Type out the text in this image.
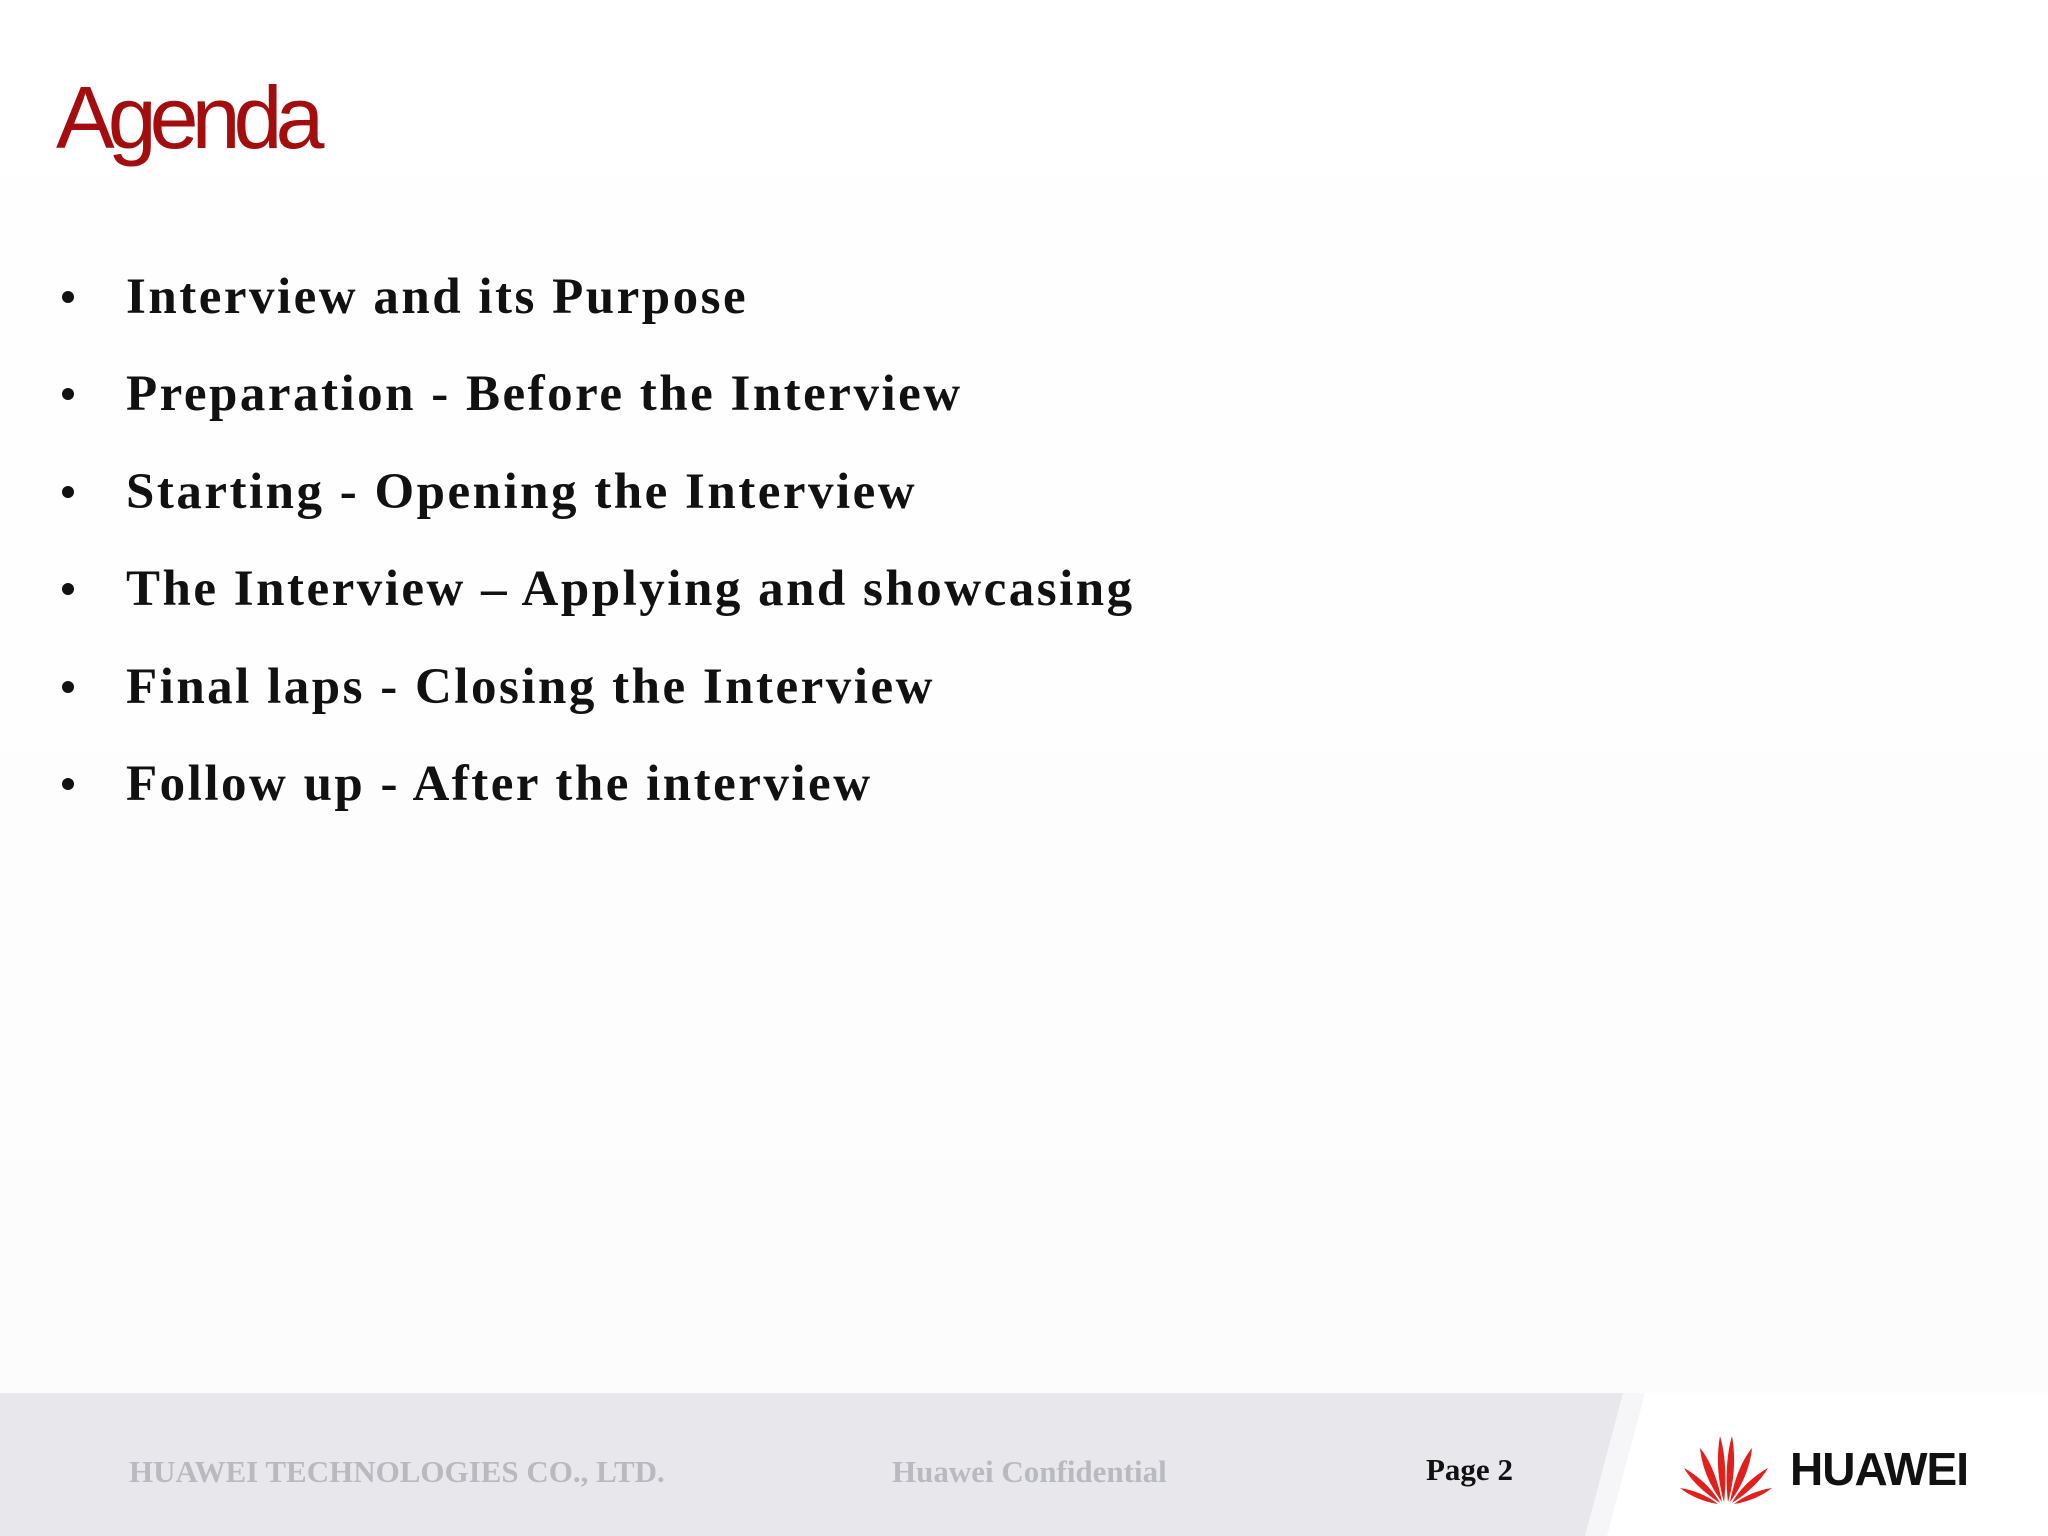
Agenda
Interview and its Purpose
Preparation - Before the Interview
Starting - Opening the Interview
The Interview – Applying and showcasing
Final laps - Closing the Interview
Follow up - After the interview
HUAWEI TECHNOLOGIES CO., LTD.	Huawei Confidential	Page 2	HUAWEI
